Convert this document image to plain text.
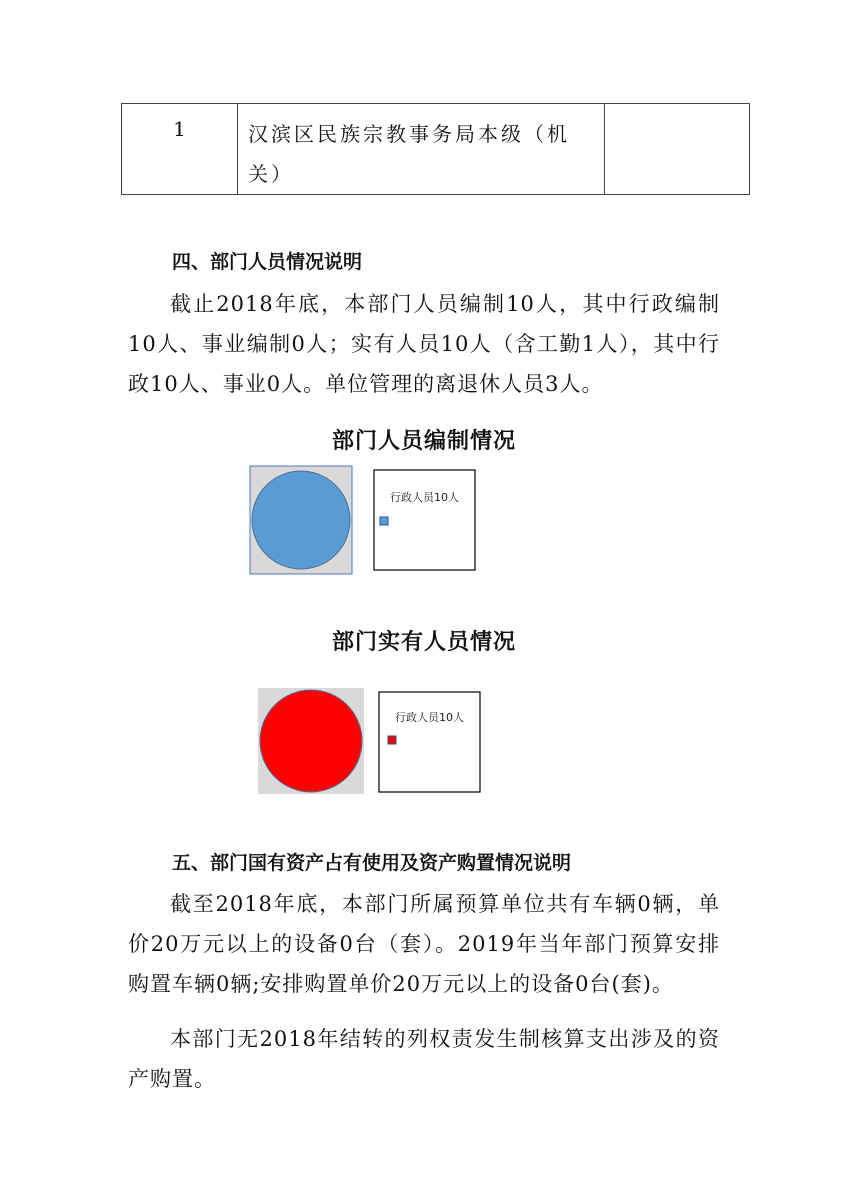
1	汉滨区民族宗教事务局本级（机关）	
四、部门人员情况说明

截止2018年底，本部门人员编制10人，其中行政编制10人、事业编制0人；实有人员10人（含工勤1人），其中行政10人、事业0人。单位管理的离退休人员3人。

部门人员编制情况
行政人员10人
部门实有人员情况
行政人员10人
五、部门国有资产占有使用及资产购置情况说明

截至2018年底，本部门所属预算单位共有车辆0辆，单价20万元以上的设备0台（套）。2019年当年部门预算安排购置车辆0辆;安排购置单价20万元以上的设备0台(套)。

本部门无2018年结转的列权责发生制核算支出涉及的资产购置。
